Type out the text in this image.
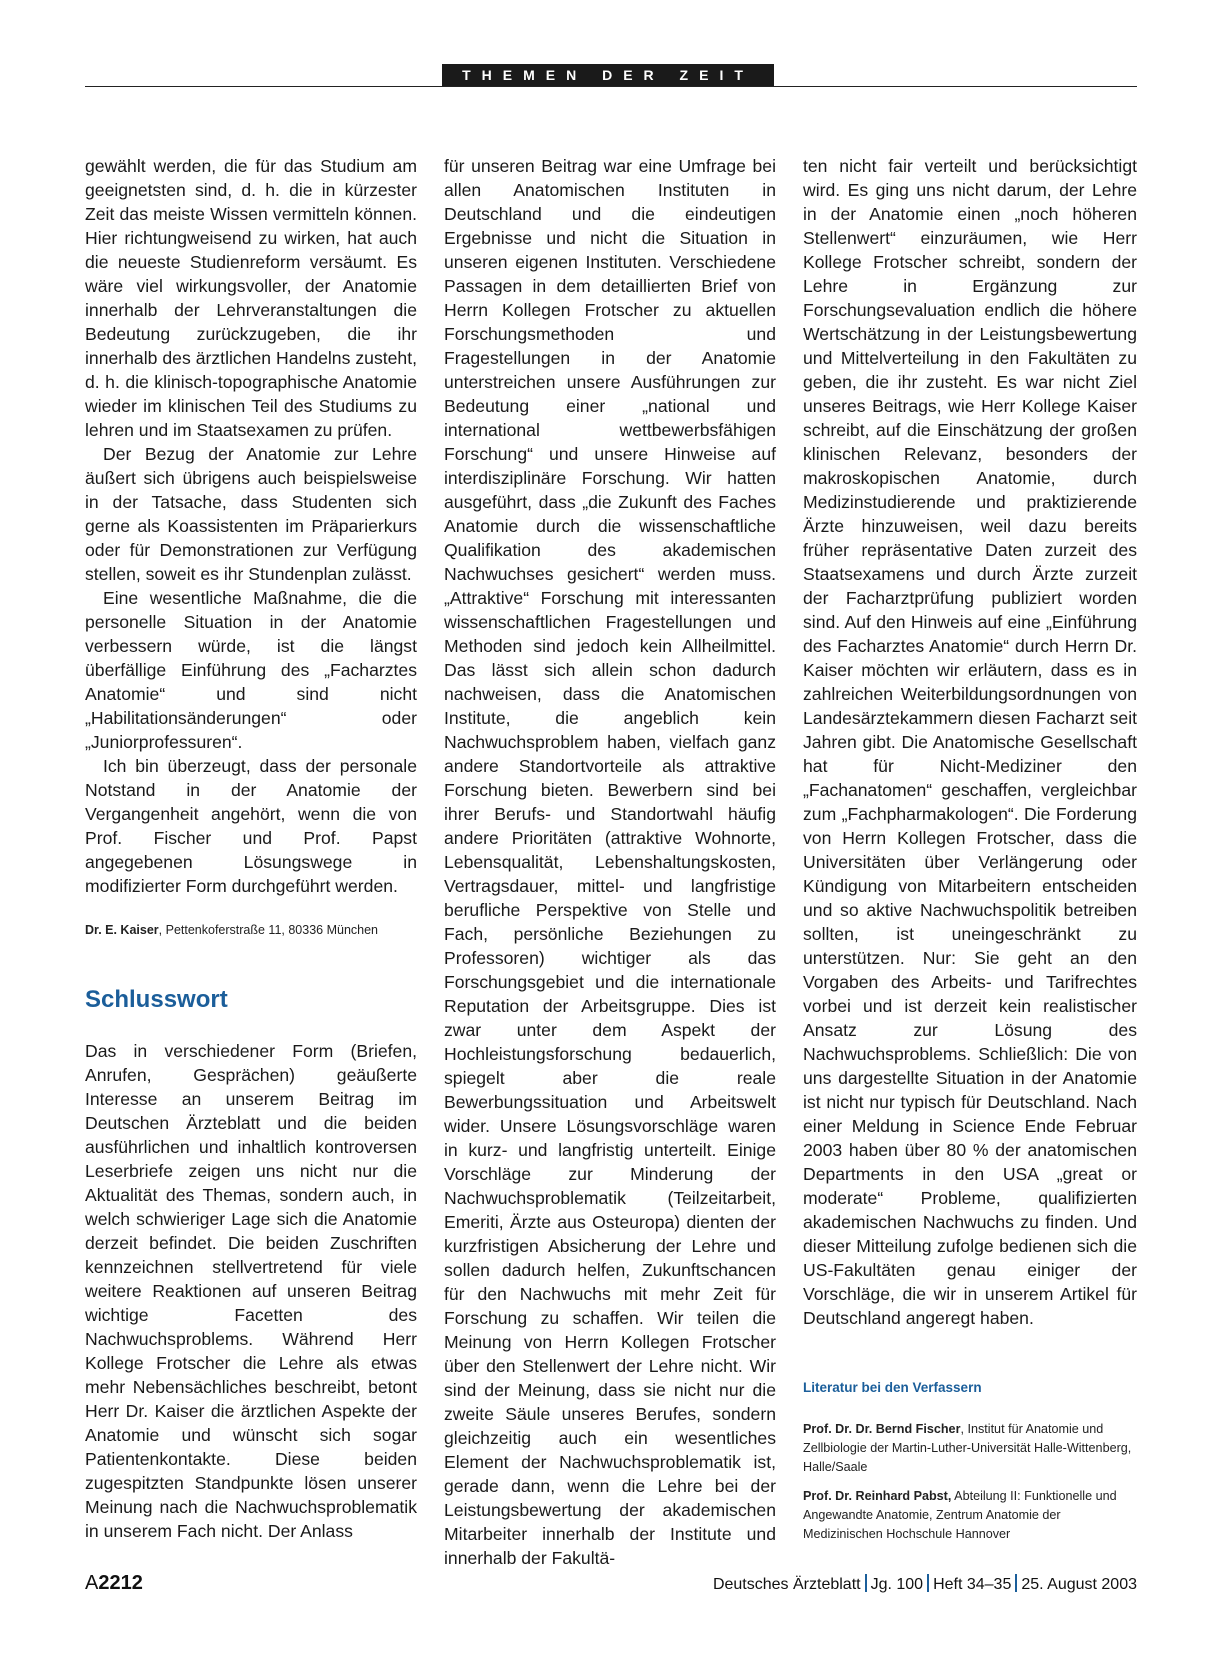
THEMEN DER ZEIT

gewählt werden, die für das Studium am geeignetsten sind, d. h. die in kürzester Zeit das meiste Wissen vermitteln können. Hier richtungweisend zu wirken, hat auch die neueste Studienreform versäumt. Es wäre viel wirkungsvoller, der Anatomie innerhalb der Lehrveranstaltungen die Bedeutung zurückzugeben, die ihr innerhalb des ärztlichen Handelns zusteht, d. h. die klinisch-topographische Anatomie wieder im klinischen Teil des Studiums zu lehren und im Staatsexamen zu prüfen.

Der Bezug der Anatomie zur Lehre äußert sich übrigens auch beispielsweise in der Tatsache, dass Studenten sich gerne als Koassistenten im Präparierkurs oder für Demonstrationen zur Verfügung stellen, soweit es ihr Stundenplan zulässt.

Eine wesentliche Maßnahme, die die personelle Situation in der Anatomie verbessern würde, ist die längst überfällige Einführung des „Facharztes Anatomie“ und sind nicht „Habilitationsänderungen“ oder „Juniorprofessuren“.

Ich bin überzeugt, dass der personale Notstand in der Anatomie der Vergangenheit angehört, wenn die von Prof. Fischer und Prof. Papst angegebenen Lösungswege in modifizierter Form durchgeführt werden.

Dr. E. Kaiser, Pettenkoferstraße 11, 80336 München
Schlusswort

Das in verschiedener Form (Briefen, Anrufen, Gesprächen) geäußerte Interesse an unserem Beitrag im Deutschen Ärzteblatt und die beiden ausführlichen und inhaltlich kontroversen Leserbriefe zeigen uns nicht nur die Aktualität des Themas, sondern auch, in welch schwieriger Lage sich die Anatomie derzeit befindet. Die beiden Zuschriften kennzeichnen stellvertretend für viele weitere Reaktionen auf unseren Beitrag wichtige Facetten des Nachwuchsproblems. Während Herr Kollege Frotscher die Lehre als etwas mehr Nebensächliches beschreibt, betont Herr Dr. Kaiser die ärztlichen Aspekte der Anatomie und wünscht sich sogar Patientenkontakte. Diese beiden zugespitzten Standpunkte lösen unserer Meinung nach die Nachwuchsproblematik in unserem Fach nicht. Der Anlass

für unseren Beitrag war eine Umfrage bei allen Anatomischen Instituten in Deutschland und die eindeutigen Ergebnisse und nicht die Situation in unseren eigenen Instituten. Verschiedene Passagen in dem detaillierten Brief von Herrn Kollegen Frotscher zu aktuellen Forschungsmethoden und Fragestellungen in der Anatomie unterstreichen unsere Ausführungen zur Bedeutung einer „national und international wettbewerbsfähigen Forschung“ und unsere Hinweise auf interdisziplinäre Forschung. Wir hatten ausgeführt, dass „die Zukunft des Faches Anatomie durch die wissenschaftliche Qualifikation des akademischen Nachwuchses gesichert“ werden muss. „Attraktive“ Forschung mit interessanten wissenschaftlichen Fragestellungen und Methoden sind jedoch kein Allheilmittel. Das lässt sich allein schon dadurch nachweisen, dass die Anatomischen Institute, die angeblich kein Nachwuchsproblem haben, vielfach ganz andere Standortvorteile als attraktive Forschung bieten. Bewerbern sind bei ihrer Berufs- und Standortwahl häufig andere Prioritäten (attraktive Wohnorte, Lebensqualität, Lebenshaltungskosten, Vertragsdauer, mittel- und langfristige berufliche Perspektive von Stelle und Fach, persönliche Beziehungen zu Professoren) wichtiger als das Forschungsgebiet und die internationale Reputation der Arbeitsgruppe. Dies ist zwar unter dem Aspekt der Hochleistungsforschung bedauerlich, spiegelt aber die reale Bewerbungssituation und Arbeitswelt wider. Unsere Lösungsvorschläge waren in kurz- und langfristig unterteilt. Einige Vorschläge zur Minderung der Nachwuchsproblematik (Teilzeitarbeit, Emeriti, Ärzte aus Osteuropa) dienten der kurzfristigen Absicherung der Lehre und sollen dadurch helfen, Zukunftschancen für den Nachwuchs mit mehr Zeit für Forschung zu schaffen. Wir teilen die Meinung von Herrn Kollegen Frotscher über den Stellenwert der Lehre nicht. Wir sind der Meinung, dass sie nicht nur die zweite Säule unseres Berufes, sondern gleichzeitig auch ein wesentliches Element der Nachwuchsproblematik ist, gerade dann, wenn die Lehre bei der Leistungsbewertung der akademischen Mitarbeiter innerhalb der Institute und innerhalb der Fakultä-

ten nicht fair verteilt und berücksichtigt wird. Es ging uns nicht darum, der Lehre in der Anatomie einen „noch höheren Stellenwert“ einzuräumen, wie Herr Kollege Frotscher schreibt, sondern der Lehre in Ergänzung zur Forschungsevaluation endlich die höhere Wertschätzung in der Leistungsbewertung und Mittelverteilung in den Fakultäten zu geben, die ihr zusteht. Es war nicht Ziel unseres Beitrags, wie Herr Kollege Kaiser schreibt, auf die Einschätzung der großen klinischen Relevanz, besonders der makroskopischen Anatomie, durch Medizinstudierende und praktizierende Ärzte hinzuweisen, weil dazu bereits früher repräsentative Daten zurzeit des Staatsexamens und durch Ärzte zurzeit der Facharztprüfung publiziert worden sind. Auf den Hinweis auf eine „Einführung des Facharztes Anatomie“ durch Herrn Dr. Kaiser möchten wir erläutern, dass es in zahlreichen Weiterbildungsordnungen von Landesärztekammern diesen Facharzt seit Jahren gibt. Die Anatomische Gesellschaft hat für Nicht-Mediziner den „Fachanatomen“ geschaffen, vergleichbar zum „Fachpharmakologen“. Die Forderung von Herrn Kollegen Frotscher, dass die Universitäten über Verlängerung oder Kündigung von Mitarbeitern entscheiden und so aktive Nachwuchspolitik betreiben sollten, ist uneingeschränkt zu unterstützen. Nur: Sie geht an den Vorgaben des Arbeits- und Tarifrechtes vorbei und ist derzeit kein realistischer Ansatz zur Lösung des Nachwuchsproblems. Schließlich: Die von uns dargestellte Situation in der Anatomie ist nicht nur typisch für Deutschland. Nach einer Meldung in Science Ende Februar 2003 haben über 80 % der anatomischen Departments in den USA „great or moderate“ Probleme, qualifizierten akademischen Nachwuchs zu finden. Und dieser Mitteilung zufolge bedienen sich die US-Fakultäten genau einiger der Vorschläge, die wir in unserem Artikel für Deutschland angeregt haben.

Literatur bei den Verfassern
Prof. Dr. Dr. Bernd Fischer, Institut für Anatomie und Zellbiologie der Martin-Luther-Universität Halle-Wittenberg, Halle/Saale
Prof. Dr. Reinhard Pabst, Abteilung II: Funktionelle und Angewandte Anatomie, Zentrum Anatomie der Medizinischen Hochschule Hannover
A2212	Deutsches Ärzteblatt Jg. 100 Heft 34–35 25. August 2003
